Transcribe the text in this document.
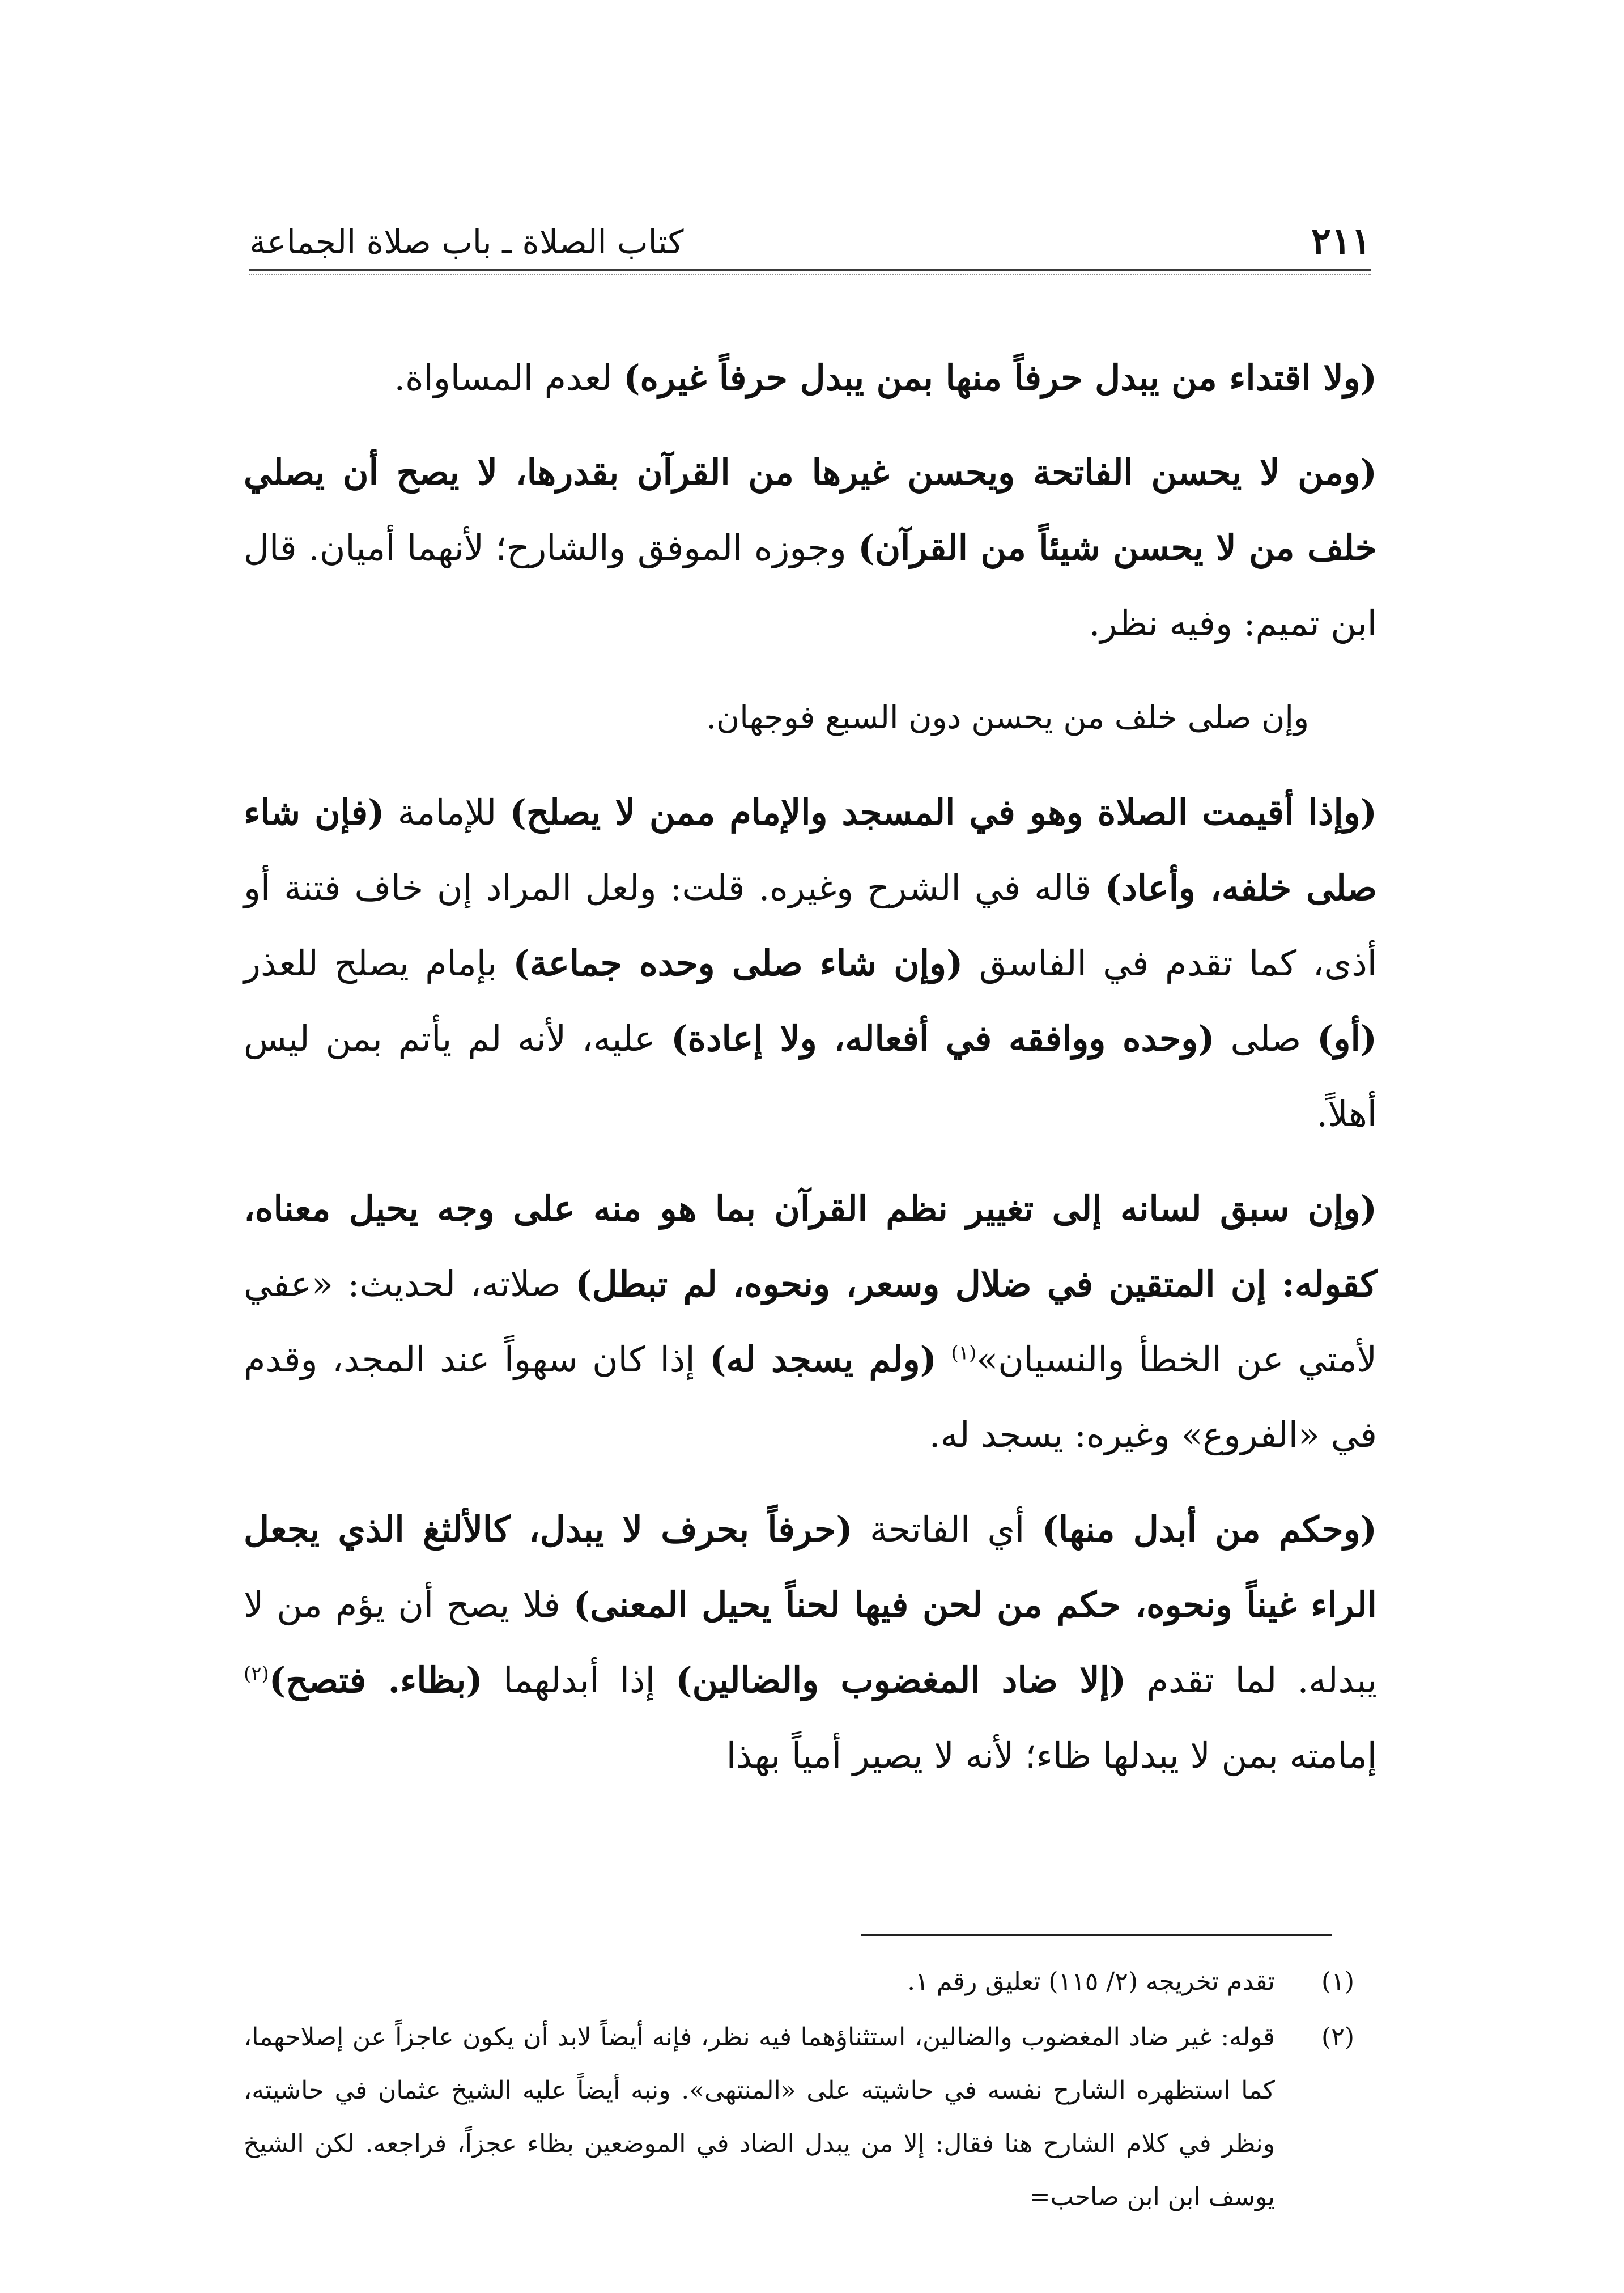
٢١١
كتاب الصلاة ـ باب صلاة الجماعة

(ولا اقتداء من يبدل حرفاً منها بمن يبدل حرفاً غيره) لعدم المساواة.

(ومن لا يحسن الفاتحة ويحسن غيرها من القرآن بقدرها، لا يصح أن يصلي خلف من لا يحسن شيئاً من القرآن) وجوزه الموفق والشارح؛ لأنهما أميان. قال ابن تميم: وفيه نظر.

وإن صلى خلف من يحسن دون السبع فوجهان.

(وإذا أقيمت الصلاة وهو في المسجد والإمام ممن لا يصلح) للإمامة (فإن شاء صلى خلفه، وأعاد) قاله في الشرح وغيره. قلت: ولعل المراد إن خاف فتنة أو أذى، كما تقدم في الفاسق (وإن شاء صلى وحده جماعة) بإمام يصلح للعذر (أو) صلى (وحده ووافقه في أفعاله، ولا إعادة) عليه، لأنه لم يأتم بمن ليس أهلاً.

(وإن سبق لسانه إلى تغيير نظم القرآن بما هو منه على وجه يحيل معناه، كقوله: إن المتقين في ضلال وسعر، ونحوه، لم تبطل) صلاته، لحديث: «عفي لأمتي عن الخطأ والنسيان»$^{(١)}$ (ولم يسجد له) إذا كان سهواً عند المجد، وقدم في «الفروع» وغيره: يسجد له.

(وحكم من أبدل منها) أي الفاتحة (حرفاً بحرف لا يبدل، كالألثغ الذي يجعل الراء غيناً ونحوه، حكم من لحن فيها لحناً يحيل المعنى) فلا يصح أن يؤم من لا يبدله. لما تقدم (إلا ضاد المغضوب والضالين) إذا أبدلهما (بظاء. فتصح)$^{(٢)}$ إمامته بمن لا يبدلها ظاء؛ لأنه لا يصير أمياً بهذا

(١)
تقدم تخريجه (٢/ ١١٥) تعليق رقم ١.
(٢)
قوله: غير ضاد المغضوب والضالين، استثناؤهما فيه نظر، فإنه أيضاً لابد أن يكون عاجزاً عن إصلاحهما، كما استظهره الشارح نفسه في حاشيته على «المنتهى». ونبه أيضاً عليه الشيخ عثمان في حاشيته، ونظر في كلام الشارح هنا فقال: إلا من يبدل الضاد في الموضعين بظاء عجزاً، فراجعه. لكن الشيخ يوسف ابن ابن صاحب=
